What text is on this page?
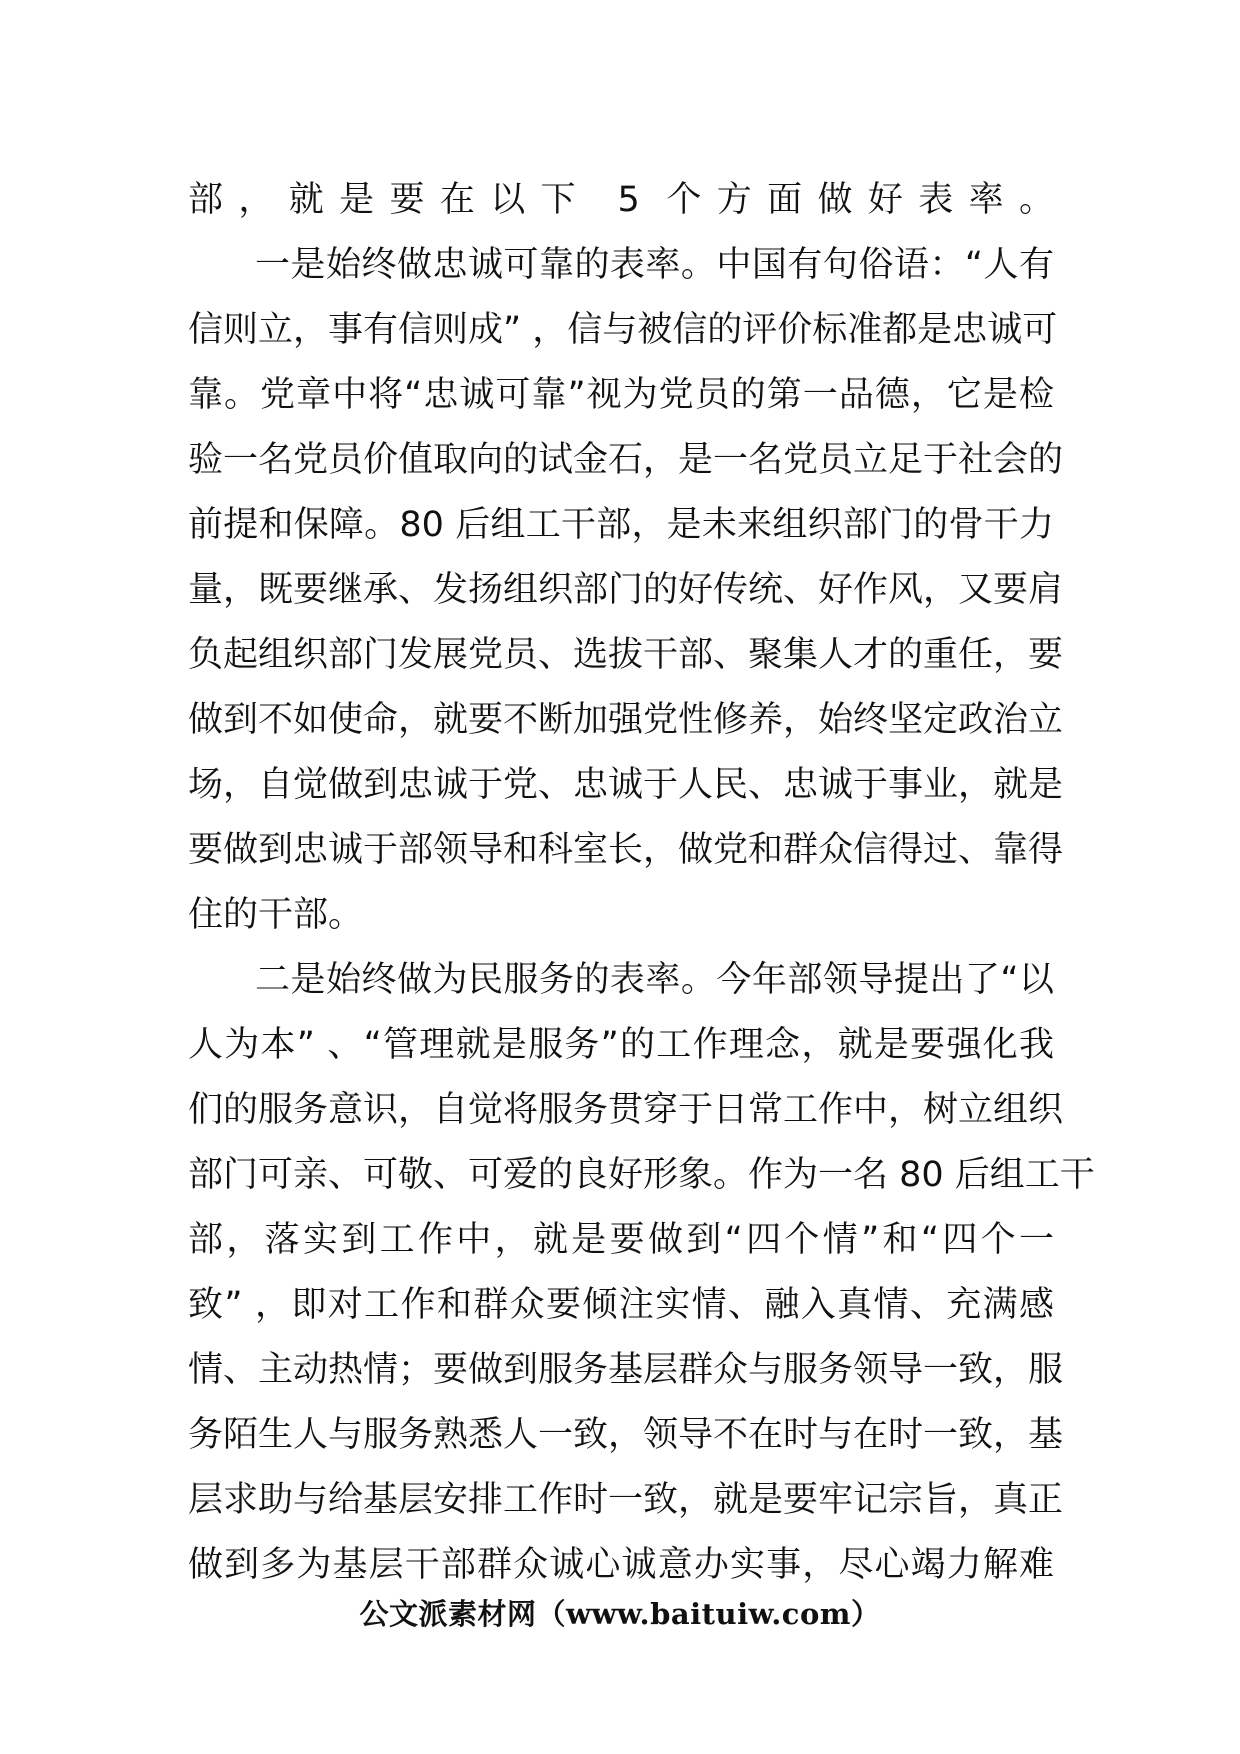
部，就是要在以下 5 个方面做好表率。
一是始终做忠诚可靠的表率。中国有句俗语：“人有
信则立，事有信则成” ，信与被信的评价标准都是忠诚可
靠。党章中将“忠诚可靠”视为党员的第一品德，它是检
验一名党员价值取向的试金石，是一名党员立足于社会的
前提和保障。80 后组工干部，是未来组织部门的骨干力
量，既要继承、发扬组织部门的好传统、好作风，又要肩
负起组织部门发展党员、选拔干部、聚集人才的重任，要
做到不如使命，就要不断加强党性修养，始终坚定政治立
场，自觉做到忠诚于党、忠诚于人民、忠诚于事业，就是
要做到忠诚于部领导和科室长，做党和群众信得过、靠得
住的干部。
二是始终做为民服务的表率。今年部领导提出了“以
人为本” 、“管理就是服务”的工作理念，就是要强化我
们的服务意识，自觉将服务贯穿于日常工作中，树立组织
部门可亲、可敬、可爱的良好形象。作为一名 80 后组工干
部，落实到工作中，就是要做到“四个情”和“四个一
致” ，即对工作和群众要倾注实情、融入真情、充满感
情、主动热情；要做到服务基层群众与服务领导一致，服
务陌生人与服务熟悉人一致，领导不在时与在时一致，基
层求助与给基层安排工作时一致，就是要牢记宗旨，真正
做到多为基层干部群众诚心诚意办实事，尽心竭力解难
公文派素材网（www.baituiw.com）
